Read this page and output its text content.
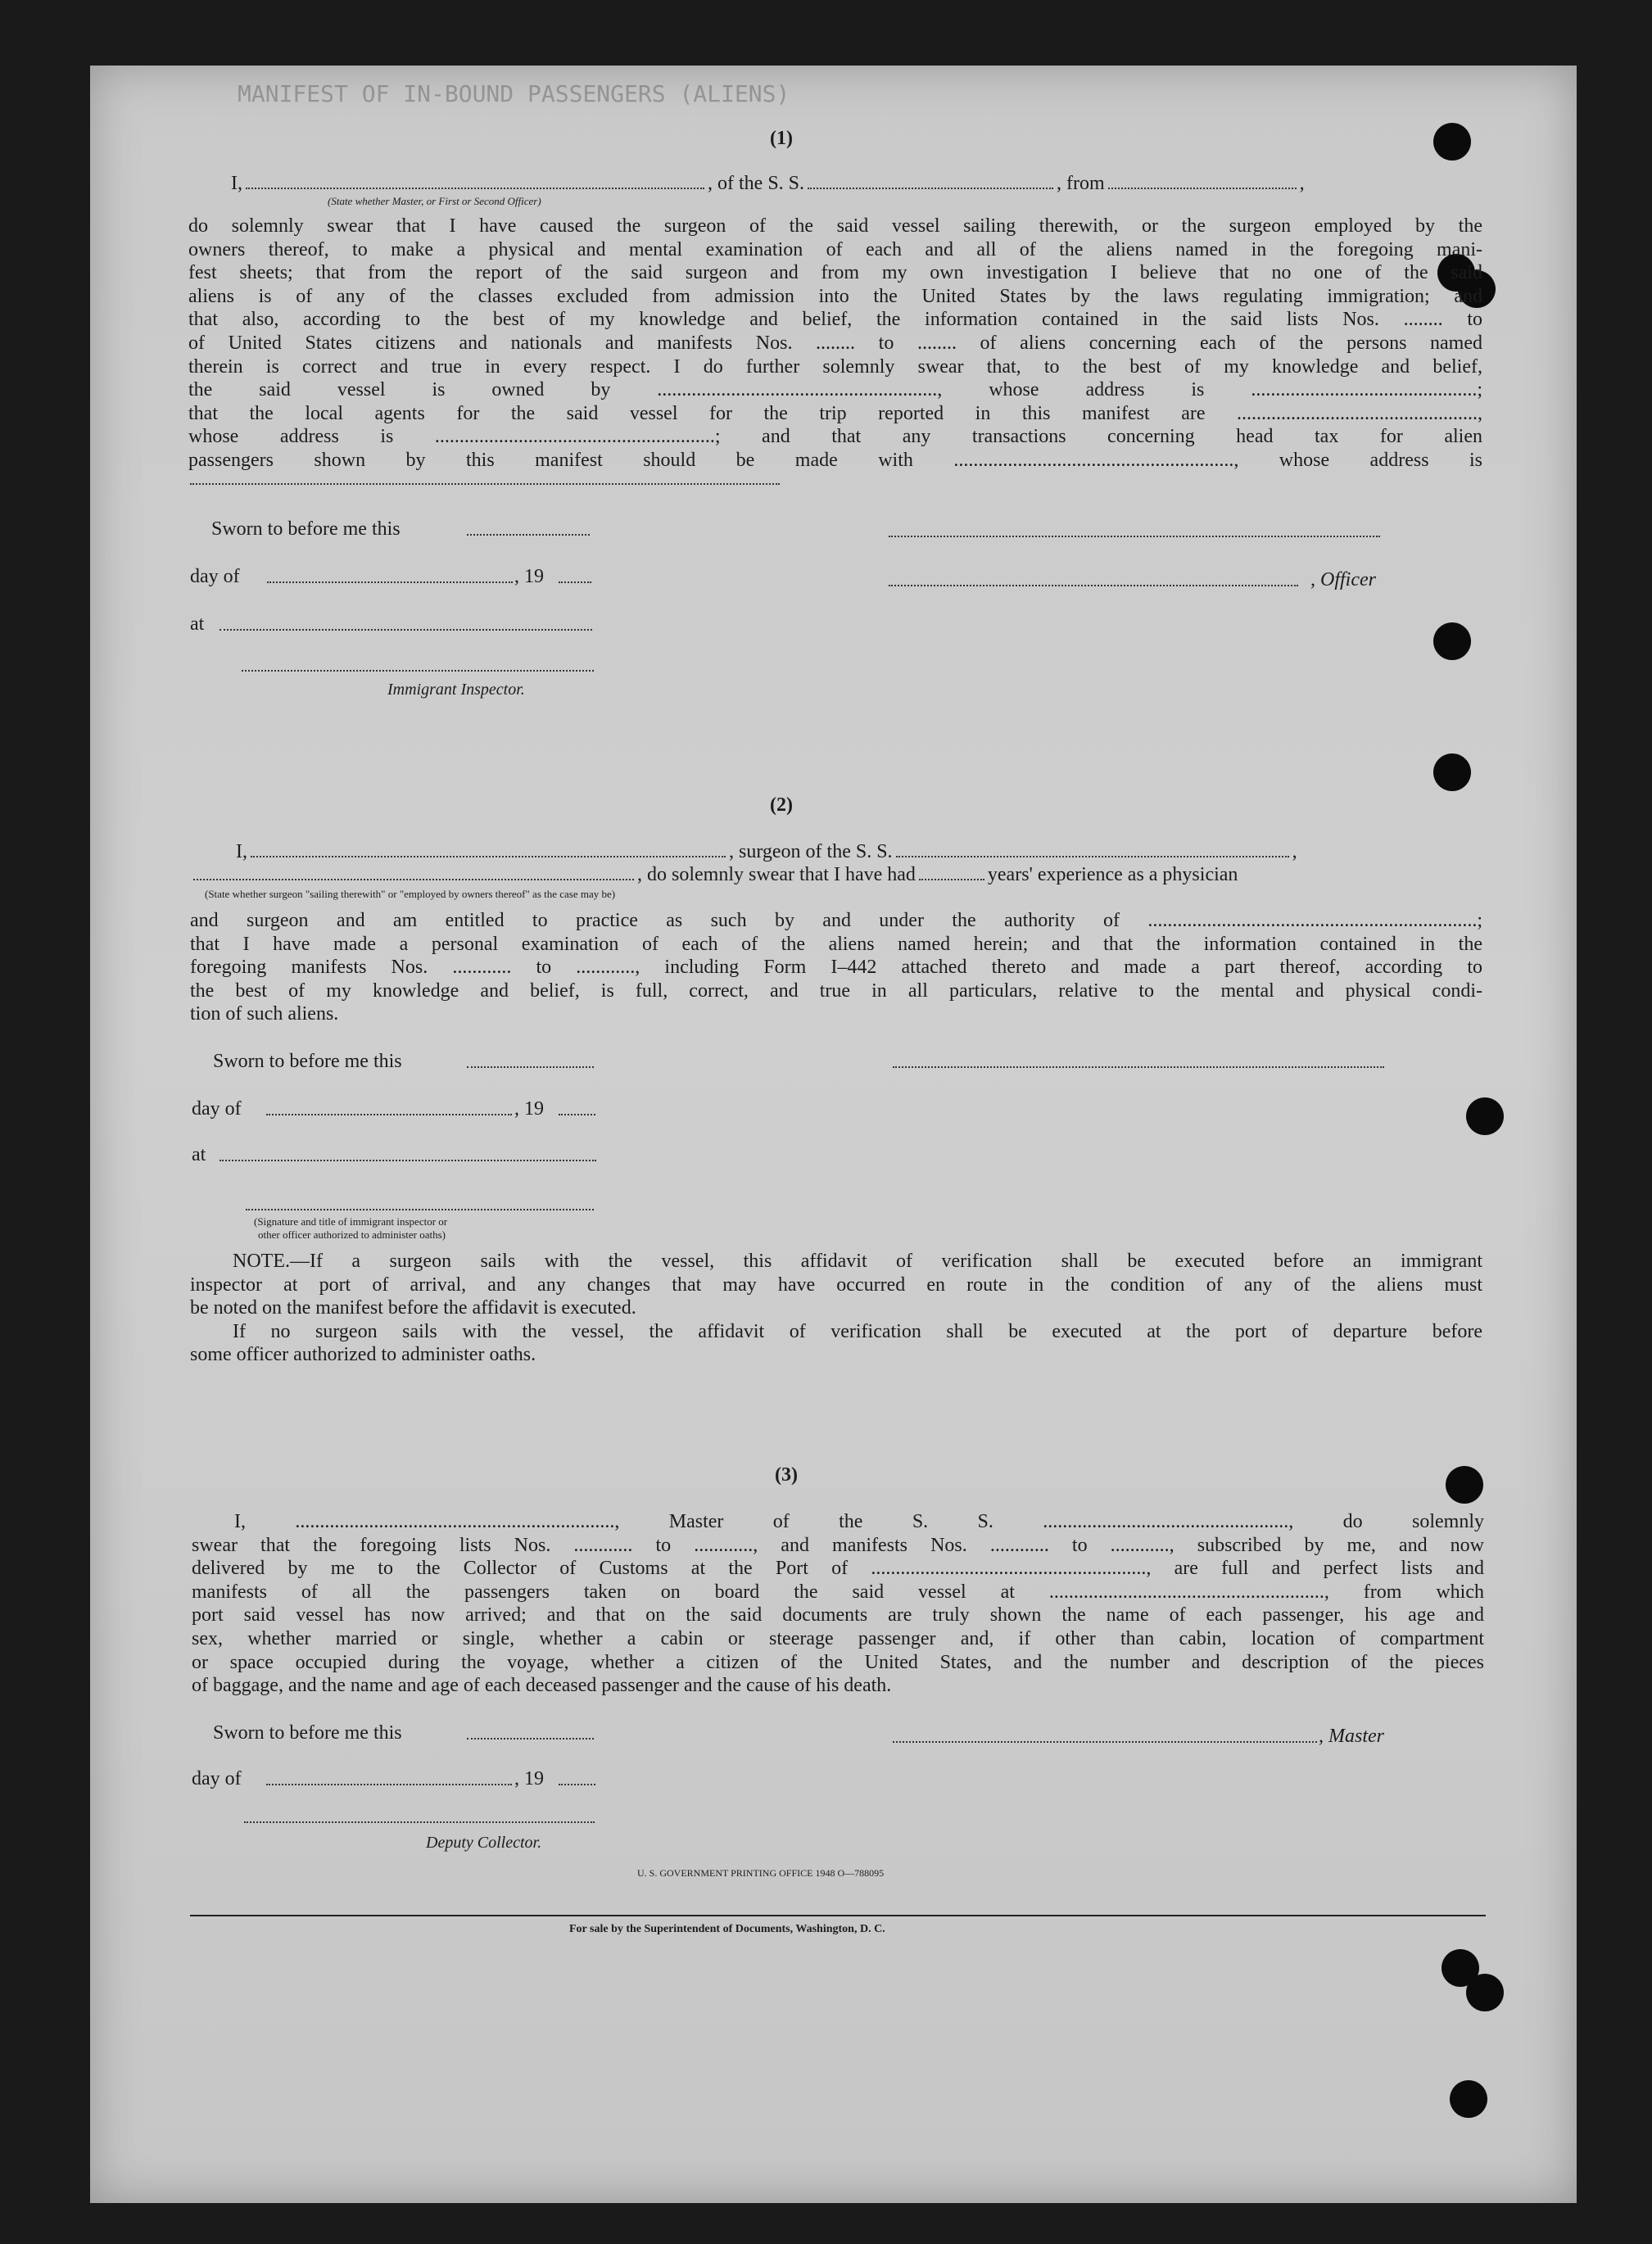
MANIFEST OF IN-BOUND PASSENGERS (ALIENS)
(1)
I,	, of the S. S.	, from	,
(State whether Master, or First or Second Officer)
do solemnly swear that I have caused the surgeon of the said vessel sailing therewith, or the surgeon employed by the
owners thereof, to make a physical and mental examination of each and all of the aliens named in the foregoing mani-
fest sheets; that from the report of the said surgeon and from my own investigation I believe that no one of the said
aliens is of any of the classes excluded from admission into the United States by the laws regulating immigration; and
that also, according to the best of my knowledge and belief, the information contained in the said lists Nos. ........ to
of United States citizens and nationals and manifests Nos. ........ to ........ of aliens concerning each of the persons named
therein is correct and true in every respect. I do further solemnly swear that, to the best of my knowledge and belief,
the said vessel is owned by ........................................................., whose address is ..............................................;
that the local agents for the said vessel for the trip reported in this manifest are .................................................,
whose address is .........................................................; and that any transactions concerning head tax for alien
passengers shown by this manifest should be made with ........................................................., whose address is
Sworn to before me this
day of	, 19	, Officer
at
Immigrant Inspector.
(2)
I,	, surgeon of the S. S.	,
, do solemnly swear that I have had	years' experience as a physician
(State whether surgeon "sailing therewith" or "employed by owners thereof" as the case may be)
and surgeon and am entitled to practice as such by and under the authority of ...................................................................;
that I have made a personal examination of each of the aliens named herein; and that the information contained in the
foregoing manifests Nos. ............ to ............, including Form I–442 attached thereto and made a part thereof, according to
the best of my knowledge and belief, is full, correct, and true in all particulars, relative to the mental and physical condi-
tion of such aliens.
Sworn to before me this
day of	, 19
at
(Signature and title of immigrant inspector or
other officer authorized to administer oaths)
NOTE.—If a surgeon sails with the vessel, this affidavit of verification shall be executed before an immigrant
inspector at port of arrival, and any changes that may have occurred en route in the condition of any of the aliens must
be noted on the manifest before the affidavit is executed.
If no surgeon sails with the vessel, the affidavit of verification shall be executed at the port of departure before
some officer authorized to administer oaths.
(3)
I, ................................................................., Master of the S. S. .................................................., do solemnly
swear that the foregoing lists Nos. ............ to ............, and manifests Nos. ............ to ............, subscribed by me, and now
delivered by me to the Collector of Customs at the Port of ........................................................, are full and perfect lists and
manifests of all the passengers taken on board the said vessel at ........................................................, from which
port said vessel has now arrived; and that on the said documents are truly shown the name of each passenger, his age and
sex, whether married or single, whether a cabin or steerage passenger and, if other than cabin, location of compartment
or space occupied during the voyage, whether a citizen of the United States, and the number and description of the pieces
of baggage, and the name and age of each deceased passenger and the cause of his death.
Sworn to before me this	, Master
day of	, 19
Deputy Collector.
U. S. GOVERNMENT PRINTING OFFICE 1948 O—788095
For sale by the Superintendent of Documents, Washington, D. C.
